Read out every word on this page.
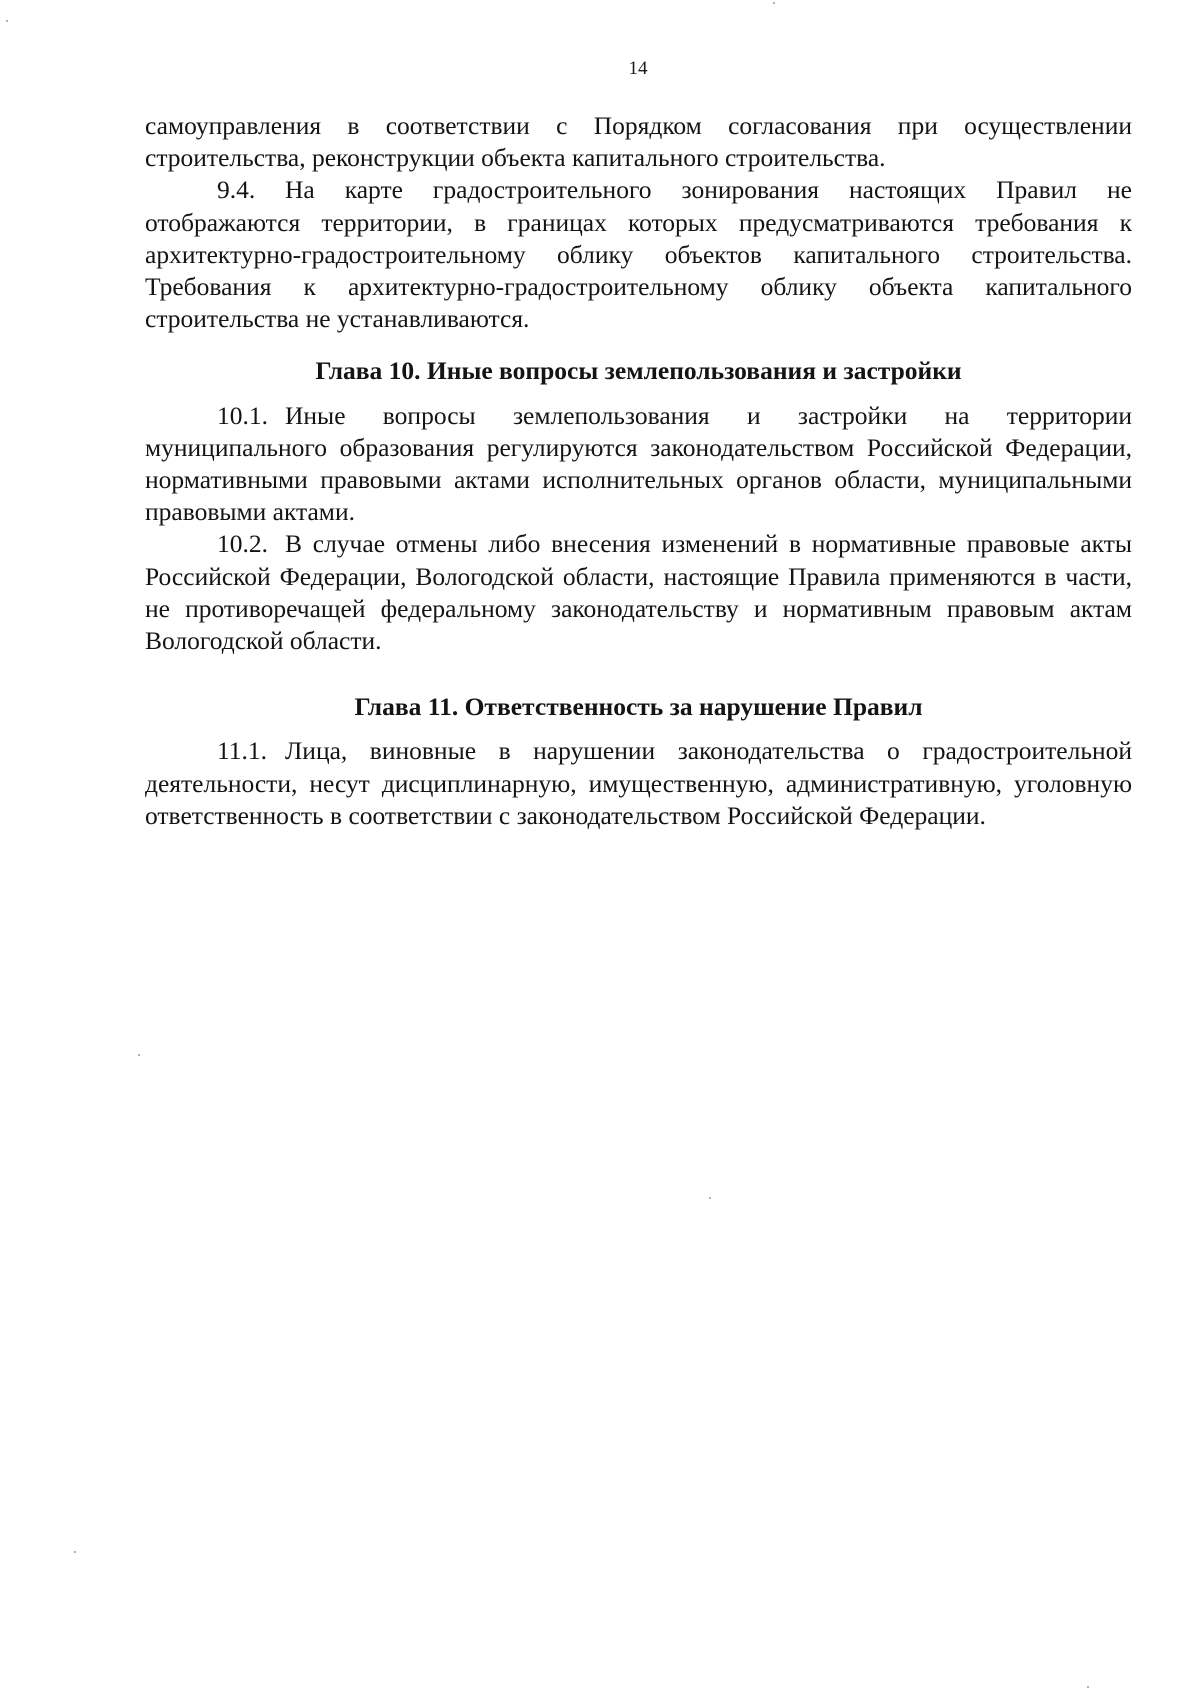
14

самоуправления в соответствии с Порядком согласования при осуществлении строительства, реконструкции объекта капитального строительства.

9.4. На карте градостроительного зонирования настоящих Правил не отображаются территории, в границах которых предусматриваются требования к архитектурно-градостроительному облику объектов капитального строительства. Требования к архитектурно-градостроительному облику объекта капитального строительства не устанавливаются.

Глава 10. Иные вопросы землепользования и застройки

10.1. Иные вопросы землепользования и застройки на территории муниципального образования регулируются законодательством Российской Федерации, нормативными правовыми актами исполнительных органов области, муниципальными правовыми актами.

10.2. В случае отмены либо внесения изменений в нормативные правовые акты Российской Федерации, Вологодской области, настоящие Правила применяются в части, не противоречащей федеральному законодательству и нормативным правовым актам Вологодской области.

Глава 11. Ответственность за нарушение Правил

11.1. Лица, виновные в нарушении законодательства о градостроительной деятельности, несут дисциплинарную, имущественную, административную, уголовную ответственность в соответствии с законодательством Российской Федерации.
